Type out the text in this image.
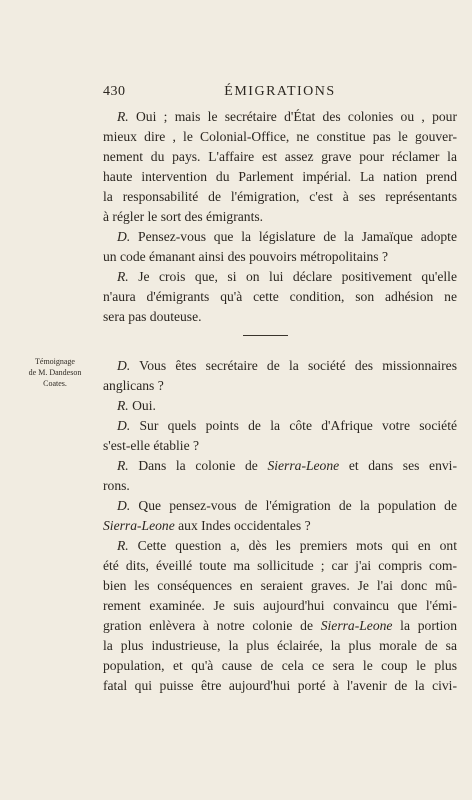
430	ÉMIGRATIONS
R. Oui ; mais le secrétaire d'État des colonies ou , pour
mieux dire , le Colonial-Office, ne constitue pas le gouver-
nement du pays. L'affaire est assez grave pour réclamer la
haute intervention du Parlement impérial. La nation prend
la responsabilité de l'émigration, c'est à ses représentants
à régler le sort des émigrants.
D. Pensez-vous que la législature de la Jamaïque adopte
un code émanant ainsi des pouvoirs métropolitains ?
R. Je crois que, si on lui déclare positivement qu'elle
n'aura d'émigrants qu'à cette condition, son adhésion ne
sera pas douteuse.
Témoignage
de M. Dandeson
Coates.
D. Vous êtes secrétaire de la société des missionnaires
anglicans ?
R. Oui.
D. Sur quels points de la côte d'Afrique votre société
s'est-elle établie ?
R. Dans la colonie de Sierra-Leone et dans ses envi-
rons.
D. Que pensez-vous de l'émigration de la population de
Sierra-Leone aux Indes occidentales ?
R. Cette question a, dès les premiers mots qui en ont
été dits, éveillé toute ma sollicitude ; car j'ai compris com-
bien les conséquences en seraient graves. Je l'ai donc mû-
rement examinée. Je suis aujourd'hui convaincu que l'émi-
gration enlèvera à notre colonie de Sierra-Leone la portion
la plus industrieuse, la plus éclairée, la plus morale de sa
population, et qu'à cause de cela ce sera le coup le plus
fatal qui puisse être aujourd'hui porté à l'avenir de la civi-
